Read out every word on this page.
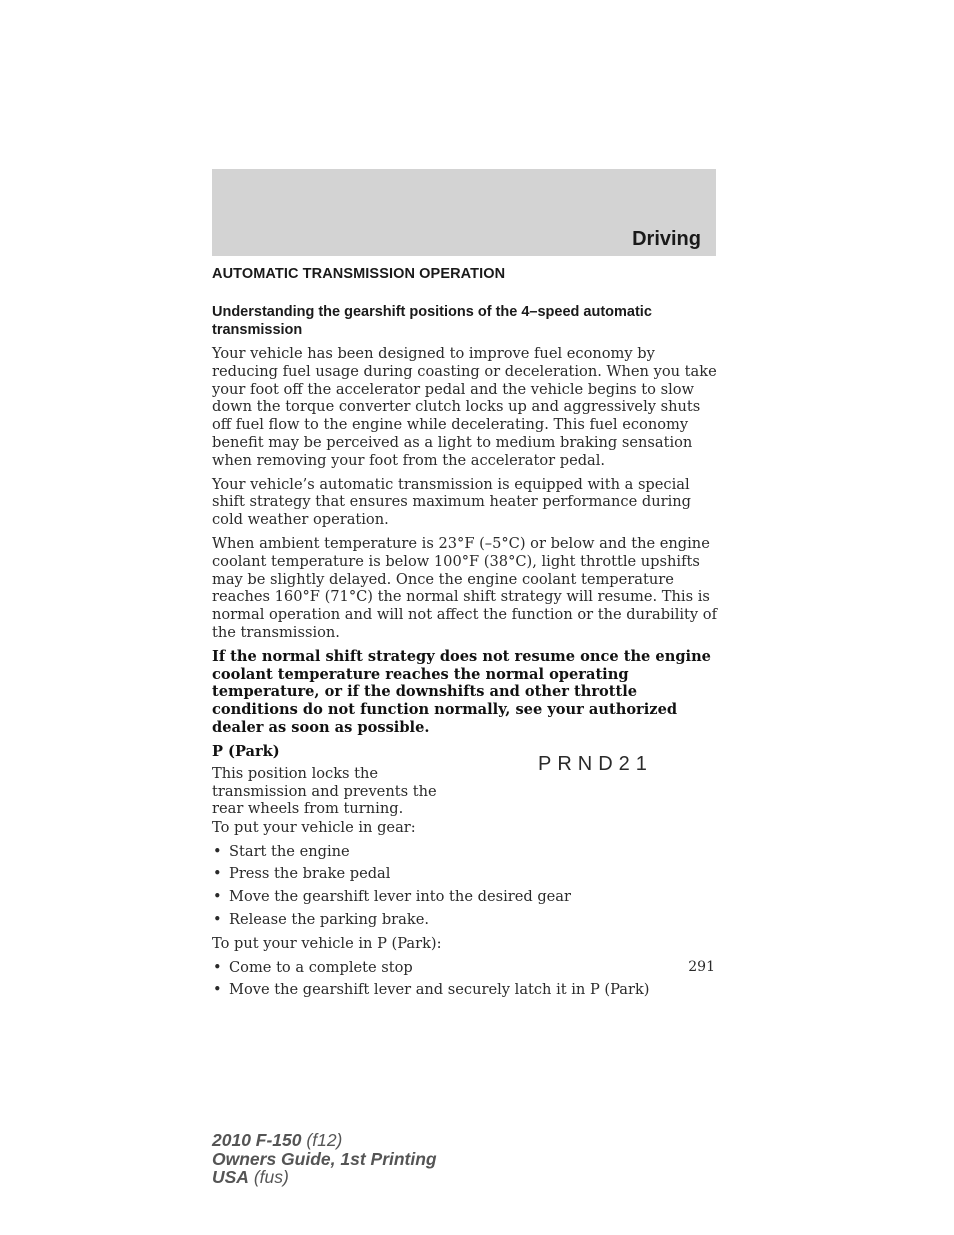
Driving
AUTOMATIC TRANSMISSION OPERATION
Understanding the gearshift positions of the 4–speed automatic transmission

Your vehicle has been designed to improve fuel economy by reducing fuel usage during coasting or deceleration. When you take your foot off the accelerator pedal and the vehicle begins to slow down the torque converter clutch locks up and aggressively shuts off fuel flow to the engine while decelerating. This fuel economy benefit may be perceived as a light to medium braking sensation when removing your foot from the accelerator pedal.

Your vehicle’s automatic transmission is equipped with a special shift strategy that ensures maximum heater performance during cold weather operation.

When ambient temperature is 23°F (–5°C) or below and the engine coolant temperature is below 100°F (38°C), light throttle upshifts may be slightly delayed. Once the engine coolant temperature reaches 160°F (71°C) the normal shift strategy will resume. This is normal operation and will not affect the function or the durability of the transmission.

If the normal shift strategy does not resume once the engine coolant temperature reaches the normal operating temperature, or if the downshifts and other throttle conditions do not function normally, see your authorized dealer as soon as possible.

P (Park)

This position locks the transmission and prevents the rear wheels from turning.

PRND21

To put your vehicle in gear:

• Start the engine
• Press the brake pedal
• Move the gearshift lever into the desired gear
• Release the parking brake.

To put your vehicle in P (Park):

• Come to a complete stop
• Move the gearshift lever and securely latch it in P (Park)
291
2010 F-150 (f12)
Owners Guide, 1st Printing
USA (fus)
